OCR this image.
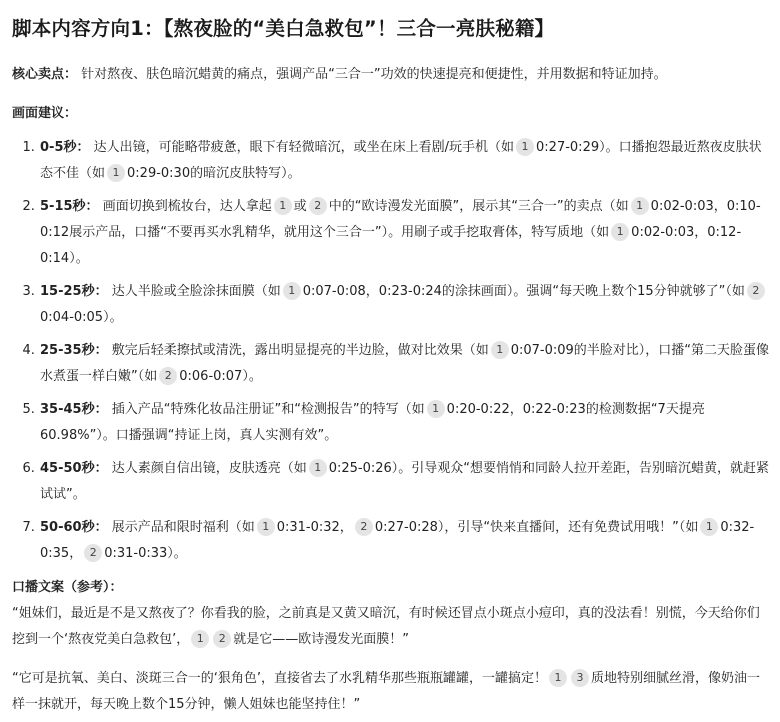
脚本内容方向1：【熬夜脸的“美白急救包”！三合一亮肤秘籍】

核心卖点： 针对熬夜、肤色暗沉蜡黄的痛点，强调产品“三合一”功效的快速提亮和便捷性，并用数据和特证加持。

画面建议：

1. 0-5秒： 达人出镜，可能略带疲惫，眼下有轻微暗沉，或坐在床上看剧/玩手机（如 1 0:27-0:29）。口播抱怨最近熬夜皮肤状态不佳（如 1 0:29-0:30的暗沉皮肤特写）。
2. 5-15秒： 画面切换到梳妆台，达人拿起 1 或 2 中的“欧诗漫发光面膜”，展示其“三合一”的卖点（如 1 0:02-0:03，0:10-0:12展示产品，口播“不要再买水乳精华，就用这个三合一”）。用刷子或手挖取膏体，特写质地（如 1 0:02-0:03，0:12-0:14）。
3. 15-25秒： 达人半脸或全脸涂抹面膜（如 1 0:07-0:08，0:23-0:24的涂抹画面）。强调“每天晚上数个15分钟就够了”（如 20:04-0:05）。
4. 25-35秒： 敷完后轻柔擦拭或清洗，露出明显提亮的半边脸，做对比效果（如 1 0:07-0:09的半脸对比），口播“第二天脸蛋像水煮蛋一样白嫩”（如 2 0:06-0:07）。
5. 35-45秒： 插入产品“特殊化妆品注册证”和“检测报告”的特写（如 1 0:20-0:22，0:22-0:23的检测数据“7天提亮60.98%”）。口播强调“持证上岗，真人实测有效”。
6. 45-50秒： 达人素颜自信出镜，皮肤透亮（如 1 0:25-0:26）。引导观众“想要悄悄和同龄人拉开差距，告别暗沉蜡黄，就赶紧试试”。
7. 50-60秒： 展示产品和限时福利（如 1 0:31-0:32， 2 0:27-0:28），引导“快来直播间，还有免费试用哦！”（如 1 0:32-0:35， 2 0:31-0:33）。

口播文案（参考）：

“姐妹们，最近是不是又熬夜了？你看我的脸，之前真是又黄又暗沉，有时候还冒点小斑点小痘印，真的没法看！别慌，今天给你们挖到一个‘熬夜党美白急救包’， 1 2 就是它——欧诗漫发光面膜！”

“它可是抗氧、美白、淡斑三合一的‘狠角色’，直接省去了水乳精华那些瓶瓶罐罐，一罐搞定！ 1 3 质地特别细腻丝滑，像奶油一样一抹就开，每天晚上数个15分钟，懒人姐妹也能坚持住！”
